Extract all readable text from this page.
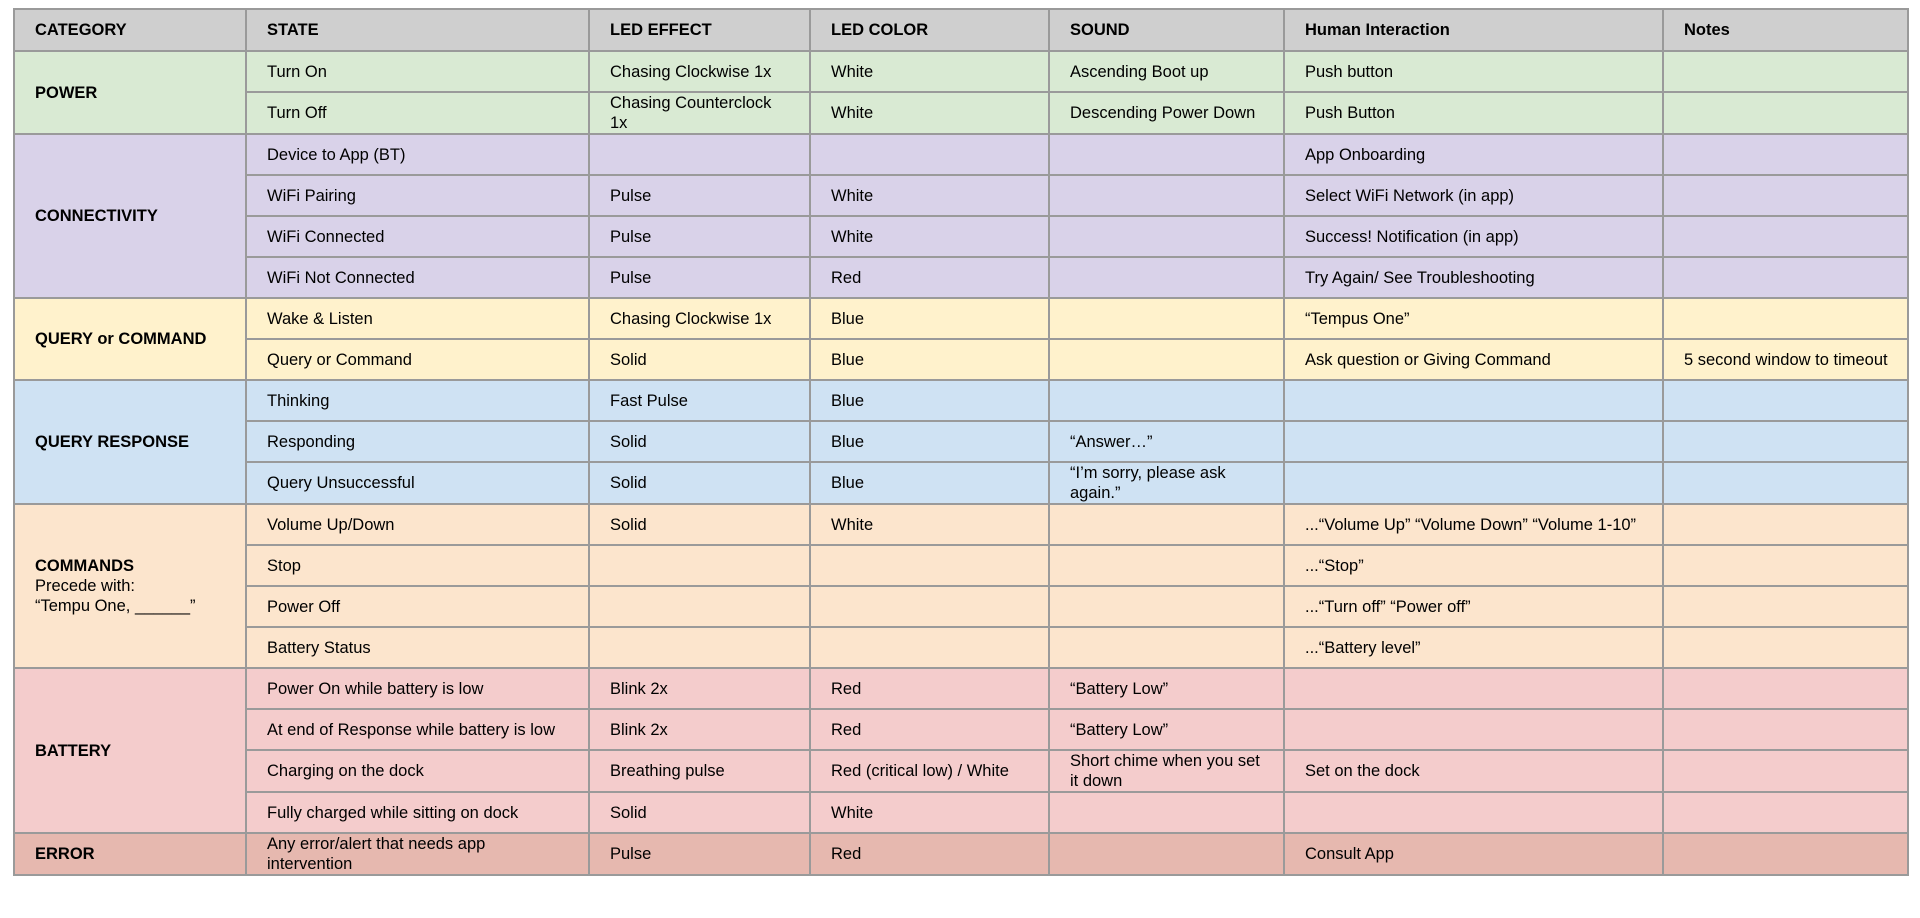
CATEGORY	STATE	LED EFFECT	LED COLOR	SOUND	Human Interaction	Notes
POWER	Turn On	Chasing Clockwise 1x	White	Ascending Boot up	Push button	
	Turn Off	Chasing Counterclock 1x	White	Descending Power Down	Push Button	
CONNECTIVITY	Device to App (BT)				App Onboarding	
	WiFi Pairing	Pulse	White		Select WiFi Network (in app)	
	WiFi Connected	Pulse	White		Success! Notification (in app)	
	WiFi Not Connected	Pulse	Red		Try Again/ See Troubleshooting	
QUERY or COMMAND	Wake & Listen	Chasing Clockwise 1x	Blue		“Tempus One”	
	Query or Command	Solid	Blue		Ask question or Giving Command	5 second window to timeout
QUERY RESPONSE	Thinking	Fast Pulse	Blue			
	Responding	Solid	Blue	“Answer…”		
	Query Unsuccessful	Solid	Blue	“I’m sorry, please ask again.”		
COMMANDS
Precede with:
“Tempu One, ______”	Volume Up/Down	Solid	White		...“Volume Up” “Volume Down” “Volume 1-10”	
	Stop				...“Stop”	
	Power Off				...“Turn off” “Power off”	
	Battery Status				...“Battery level”	
BATTERY	Power On while battery is low	Blink 2x	Red	“Battery Low”		
	At end of Response while battery is low	Blink 2x	Red	“Battery Low”		
	Charging on the dock	Breathing pulse	Red (critical low) / White	Short chime when you set it down	Set on the dock	
	Fully charged while sitting on dock	Solid	White			
ERROR	Any error/alert that needs app intervention	Pulse	Red		Consult App	
